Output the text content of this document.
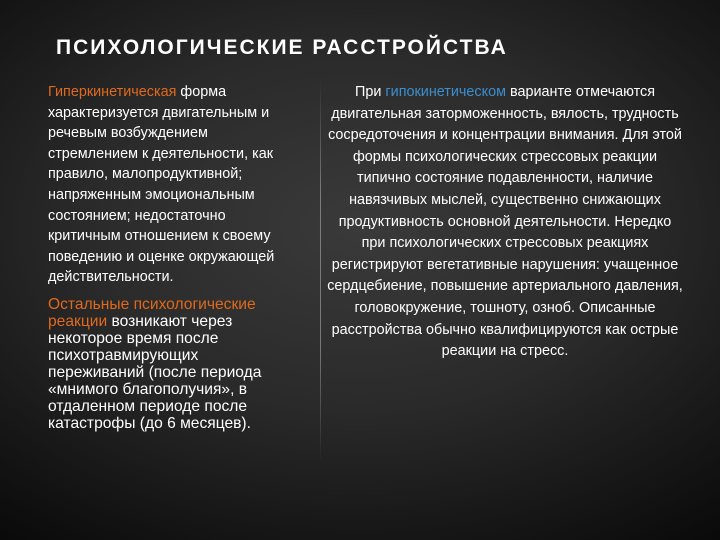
ПСИХОЛОГИЧЕСКИЕ РАССТРОЙСТВА
Гиперкинетическая форма характеризуется двигательным и речевым возбуждением стремлением к деятельности, как правило, малопродуктивной; напряженным эмоциональным состоянием; недостаточно критичным отношением к своему поведению и оценке окружающей действительности.
Остальные психологические реакции возникают через некоторое время после психотравмирующих переживаний (после периода «мнимого благополучия», в отдаленном периоде после катастрофы (до 6 месяцев).
При гипокинетическом варианте отмечаются двигательная заторможенность, вялость, трудность сосредоточения и концентрации внимания. Для этой формы психологических стрессовых реакции типично состояние подавленности, наличие навязчивых мыслей, существенно снижающих продуктивность основной деятельности. Нередко при психологических стрессовых реакциях регистрируют вегетативные нарушения: учащенное сердцебиение, повышение артериального давления, головокружение, тошноту, озноб. Описанные расстройства обычно квалифицируются как острые реакции на стресс.
